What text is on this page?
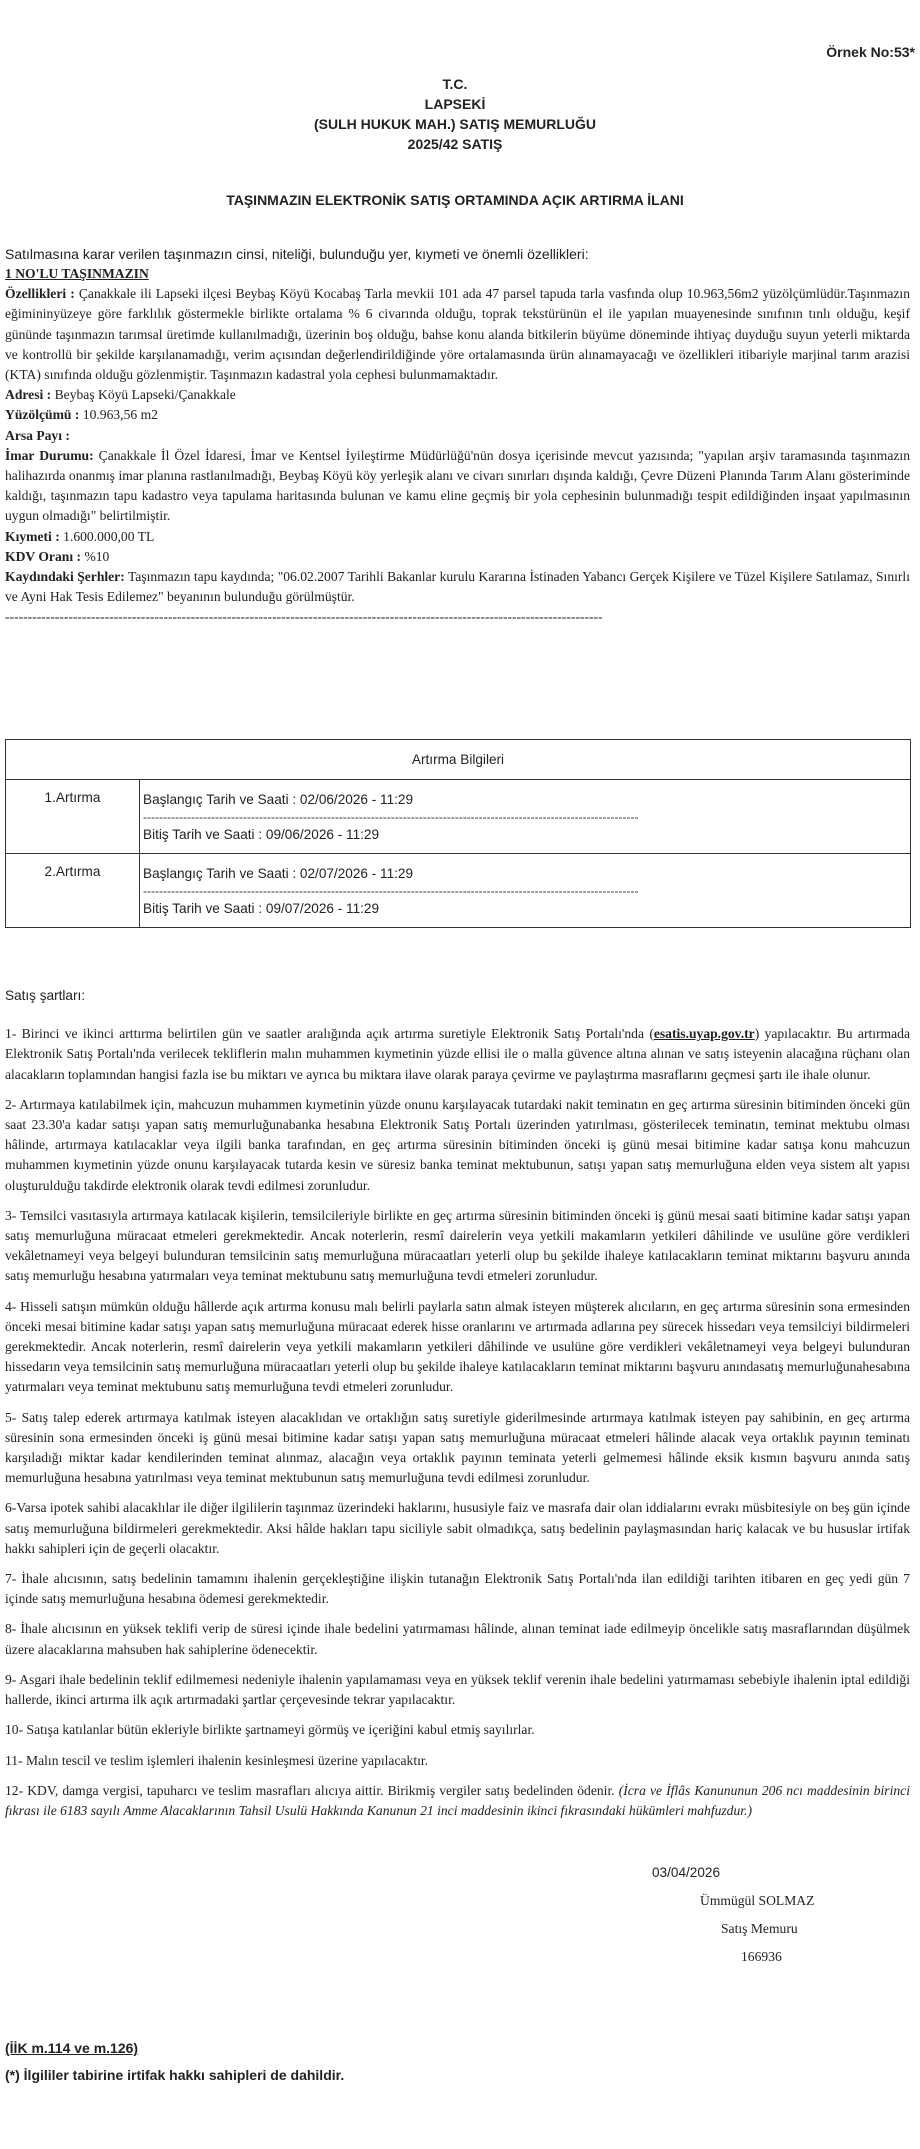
Örnek No:53*
T.C.
LAPSEKİ
(SULH HUKUK MAH.) SATIŞ MEMURLUĞU
2025/42 SATIŞ
TAŞINMAZIN ELEKTRONİK SATIŞ ORTAMINDA AÇIK ARTIRMA İLANI
Satılmasına karar verilen taşınmazın cinsi, niteliği, bulunduğu yer, kıymeti ve önemli özellikleri:
1 NO'LU TAŞINMAZIN
Özellikleri : Çanakkale ili Lapseki ilçesi Beybaş Köyü Kocabaş Tarla mevkii 101 ada 47 parsel tapuda tarla vasfında olup 10.963,56m2 yüzölçümlüdür.Taşınmazın eğimininyüzeye göre farklılık göstermekle birlikte ortalama % 6 civarında olduğu, toprak tekstürünün el ile yapılan muayenesinde sınıfının tınlı olduğu, keşif gününde taşınmazın tarımsal üretimde kullanılmadığı, üzerinin boş olduğu, bahse konu alanda bitkilerin büyüme döneminde ihtiyaç duyduğu suyun yeterli miktarda ve kontrollü bir şekilde karşılanamadığı, verim açısından değerlendirildiğinde yöre ortalamasında ürün alınamayacağı ve özellikleri itibariyle marjinal tarım arazisi (KTA) sınıfında olduğu gözlenmiştir. Taşınmazın kadastral yola cephesi bulunmamaktadır.
Adresi : Beybaş Köyü Lapseki/Çanakkale
Yüzölçümü : 10.963,56 m2
Arsa Payı :
İmar Durumu: Çanakkale İl Özel İdaresi, İmar ve Kentsel İyileştirme Müdürlüğü'nün dosya içerisinde mevcut yazısında; "yapılan arşiv taramasında taşınmazın halihazırda onanmış imar planına rastlanılmadığı, Beybaş Köyü köy yerleşik alanı ve civarı sınırları dışında kaldığı, Çevre Düzeni Planında Tarım Alanı gösteriminde kaldığı, taşınmazın tapu kadastro veya tapulama haritasında bulunan ve kamu eline geçmiş bir yola cephesinin bulunmadığı tespit edildiğinden inşaat yapılmasının uygun olmadığı" belirtilmiştir.
Kıymeti : 1.600.000,00 TL
KDV Oranı : %10
Kaydındaki Şerhler: Taşınmazın tapu kaydında; "06.02.2007 Tarihli Bakanlar kurulu Kararına İstinaden Yabancı Gerçek Kişilere ve Tüzel Kişilere Satılamaz, Sınırlı ve Ayni Hak Tesis Edilemez" beyanının bulunduğu görülmüştür.
------------------------------------------------------------------------------------------------------------------------------------
Artırma Bilgileri	
1.Artırma	Başlangıç Tarih ve Saati : 02/06/2026 - 11:29
----------------------------------------------------------------------------------------------------------------------------
Bitiş Tarih ve Saati : 09/06/2026 - 11:29

2.Artırma	Başlangıç Tarih ve Saati : 02/07/2026 - 11:29
----------------------------------------------------------------------------------------------------------------------------
Bitiş Tarih ve Saati : 09/07/2026 - 11:29

Satış şartları:

1- Birinci ve ikinci arttırma belirtilen gün ve saatler aralığında açık artırma suretiyle Elektronik Satış Portalı'nda (esatis.uyap.gov.tr) yapılacaktır. Bu artırmada Elektronik Satış Portalı'nda verilecek tekliflerin malın muhammen kıymetinin yüzde ellisi ile o malla güvence altına alınan ve satış isteyenin alacağına rüçhanı olan alacakların toplamından hangisi fazla ise bu miktarı ve ayrıca bu miktara ilave olarak paraya çevirme ve paylaştırma masraflarını geçmesi şartı ile ihale olunur.

2- Artırmaya katılabilmek için, mahcuzun muhammen kıymetinin yüzde onunu karşılayacak tutardaki nakit teminatın en geç artırma süresinin bitiminden önceki gün saat 23.30'a kadar satışı yapan satış memurluğunabanka hesabına Elektronik Satış Portalı üzerinden yatırılması, gösterilecek teminatın, teminat mektubu olması hâlinde, artırmaya katılacaklar veya ilgili banka tarafından, en geç artırma süresinin bitiminden önceki iş günü mesai bitimine kadar satışa konu mahcuzun muhammen kıymetinin yüzde onunu karşılayacak tutarda kesin ve süresiz banka teminat mektubunun, satışı yapan satış memurluğuna elden veya sistem alt yapısı oluşturulduğu takdirde elektronik olarak tevdi edilmesi zorunludur.

3- Temsilci vasıtasıyla artırmaya katılacak kişilerin, temsilcileriyle birlikte en geç artırma süresinin bitiminden önceki iş günü mesai saati bitimine kadar satışı yapan satış memurluğuna müracaat etmeleri gerekmektedir. Ancak noterlerin, resmî dairelerin veya yetkili makamların yetkileri dâhilinde ve usulüne göre verdikleri vekâletnameyi veya belgeyi bulunduran temsilcinin satış memurluğuna müracaatları yeterli olup bu şekilde ihaleye katılacakların teminat miktarını başvuru anında satış memurluğu hesabına yatırmaları veya teminat mektubunu satış memurluğuna tevdi etmeleri zorunludur.

4- Hisseli satışın mümkün olduğu hâllerde açık artırma konusu malı belirli paylarla satın almak isteyen müşterek alıcıların, en geç artırma süresinin sona ermesinden önceki mesai bitimine kadar satışı yapan satış memurluğuna müracaat ederek hisse oranlarını ve artırmada adlarına pey sürecek hissedarı veya temsilciyi bildirmeleri gerekmektedir. Ancak noterlerin, resmî dairelerin veya yetkili makamların yetkileri dâhilinde ve usulüne göre verdikleri vekâletnameyi veya belgeyi bulunduran hissedarın veya temsilcinin satış memurluğuna müracaatları yeterli olup bu şekilde ihaleye katılacakların teminat miktarını başvuru anındasatış memurluğunahesabına yatırmaları veya teminat mektubunu satış memurluğuna tevdi etmeleri zorunludur.

5- Satış talep ederek artırmaya katılmak isteyen alacaklıdan ve ortaklığın satış suretiyle giderilmesinde artırmaya katılmak isteyen pay sahibinin, en geç artırma süresinin sona ermesinden önceki iş günü mesai bitimine kadar satışı yapan satış memurluğuna müracaat etmeleri hâlinde alacak veya ortaklık payının teminatı karşıladığı miktar kadar kendilerinden teminat alınmaz, alacağın veya ortaklık payının teminata yeterli gelmemesi hâlinde eksik kısmın başvuru anında satış memurluğuna hesabına yatırılması veya teminat mektubunun satış memurluğuna tevdi edilmesi zorunludur.

6-Varsa ipotek sahibi alacaklılar ile diğer ilgililerin taşınmaz üzerindeki haklarını, hususiyle faiz ve masrafa dair olan iddialarını evrakı müsbitesiyle on beş gün içinde satış memurluğuna bildirmeleri gerekmektedir. Aksi hâlde hakları tapu siciliyle sabit olmadıkça, satış bedelinin paylaşmasından hariç kalacak ve bu hususlar irtifak hakkı sahipleri için de geçerli olacaktır.

7- İhale alıcısının, satış bedelinin tamamını ihalenin gerçekleştiğine ilişkin tutanağın Elektronik Satış Portalı'nda ilan edildiği tarihten itibaren en geç yedi gün 7 içinde satış memurluğuna hesabına ödemesi gerekmektedir.

8- İhale alıcısının en yüksek teklifi verip de süresi içinde ihale bedelini yatırmaması hâlinde, alınan teminat iade edilmeyip öncelikle satış masraflarından düşülmek üzere alacaklarına mahsuben hak sahiplerine ödenecektir.

9- Asgari ihale bedelinin teklif edilmemesi nedeniyle ihalenin yapılamaması veya en yüksek teklif verenin ihale bedelini yatırmaması sebebiyle ihalenin iptal edildiği hallerde, ikinci artırma ilk açık artırmadaki şartlar çerçevesinde tekrar yapılacaktır.

10- Satışa katılanlar bütün ekleriyle birlikte şartnameyi görmüş ve içeriğini kabul etmiş sayılırlar.

11- Malın tescil ve teslim işlemleri ihalenin kesinleşmesi üzerine yapılacaktır.

12- KDV, damga vergisi, tapuharcı ve teslim masrafları alıcıya aittir. Birikmiş vergiler satış bedelinden ödenir. (İcra ve İflâs Kanununun 206 ncı maddesinin birinci fıkrası ile 6183 sayılı Amme Alacaklarının Tahsil Usulü Hakkında Kanunun 21 inci maddesinin ikinci fıkrasındaki hükümleri mahfuzdur.)

03/04/2026
Ümmügül SOLMAZ
Satış Memuru
166936
(İİK m.114 ve m.126)
(*) İlgililer tabirine irtifak hakkı sahipleri de dahildir.
